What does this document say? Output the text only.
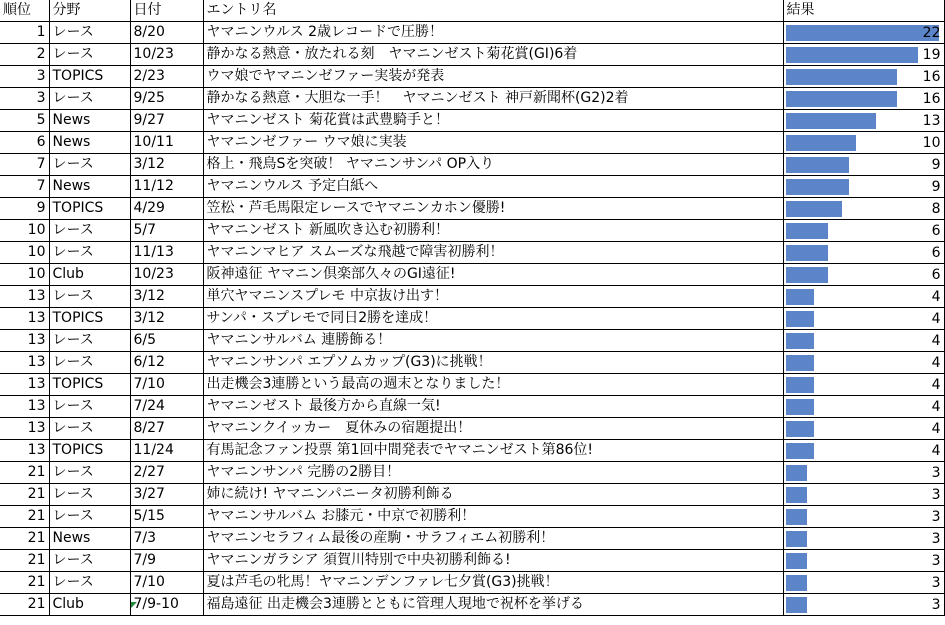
順位	分野	日付	エントリ名	結果
1	レース	8/20	ヤマニンウルス 2歳レコードで圧勝！	22

2	レース	10/23	静かなる熱意・放たれる刻　ヤマニンゼスト菊花賞(GI)6着	19

3	TOPICS	2/23	ウマ娘でヤマニンゼファー実装が発表	16

3	レース	9/25	静かなる熱意・大胆な一手！　ヤマニンゼスト 神戸新聞杯(G2)2着	16

5	News	9/27	ヤマニンゼスト 菊花賞は武豊騎手と！	13

6	News	10/11	ヤマニンゼファー ウマ娘に実装	10

7	レース	3/12	格上・飛鳥Sを突破！ ヤマニンサンパ OP入り	9

7	News	11/12	ヤマニンウルス 予定白紙へ	9

9	TOPICS	4/29	笠松・芦毛馬限定レースでヤマニンカホン優勝!	8

10	レース	5/7	ヤマニンゼスト 新風吹き込む初勝利！	6

10	レース	11/13	ヤマニンマヒア スムーズな飛越で障害初勝利！	6

10	Club	10/23	阪神遠征 ヤマニン倶楽部久々のGI遠征!	6

13	レース	3/12	単穴ヤマニンスプレモ 中京抜け出す！	4

13	TOPICS	3/12	サンパ・スプレモで同日2勝を達成！	4

13	レース	6/5	ヤマニンサルバム 連勝飾る！	4

13	レース	6/12	ヤマニンサンパ エプソムカップ(G3)に挑戦！	4

13	TOPICS	7/10	出走機会3連勝という最高の週末となりました！	4

13	レース	7/24	ヤマニンゼスト 最後方から直線一気!	4

13	レース	8/27	ヤマニンクイッカー　夏休みの宿題提出！	4

13	TOPICS	11/24	有馬記念ファン投票 第1回中間発表でヤマニンゼスト第86位!	4

21	レース	2/27	ヤマニンサンパ 完勝の2勝目！	3

21	レース	3/27	姉に続け! ヤマニンパニータ初勝利飾る	3

21	レース	5/15	ヤマニンサルバム お膝元・中京で初勝利！	3

21	News	7/3	ヤマニンセラフィム最後の産駒・サラフィエム初勝利！	3

21	レース	7/9	ヤマニンガラシア 須賀川特別で中央初勝利飾る!	3

21	レース	7/10	夏は芦毛の牝馬！ヤマニンデンファレ七夕賞(G3)挑戦！	3

21	Club	7/9-10	福島遠征 出走機会3連勝とともに管理人現地で祝杯を挙げる	3
